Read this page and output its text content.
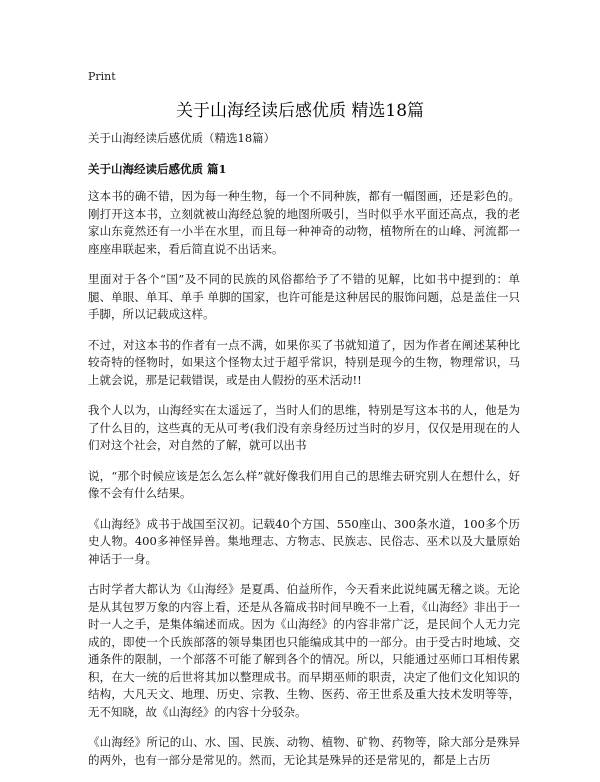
Print
关于山海经读后感优质 精选18篇

关于山海经读后感优质（精选18篇）

关于山海经读后感优质 篇1

这本书的确不错，因为每一种生物，每一个不同种族，都有一幅图画，还是彩色的。刚打开这本书，立刻就被山海经总貌的地图所吸引，当时似乎水平面还高点，我的老家山东竟然还有一小半在水里，而且每一种神奇的动物，植物所在的山峰、河流都一座座串联起来，看后简直说不出话来。

里面对于各个“国”及不同的民族的风俗都给予了不错的见解，比如书中提到的：单腿、单眼、单耳、单手 单脚的国家，也许可能是这种居民的服饰问题，总是盖住一只手脚，所以记载成这样。

不过，对这本书的作者有一点不满，如果你买了书就知道了，因为作者在阐述某种比较奇特的怪物时，如果这个怪物太过于超乎常识，特别是现今的生物，物理常识，马上就会说，那是记载错误，或是由人假扮的巫术活动!!

我个人以为，山海经实在太遥远了，当时人们的思维，特别是写这本书的人，他是为了什么目的，这些真的无从可考(我们没有亲身经历过当时的岁月，仅仅是用现在的人们对这个社会，对自然的了解，就可以出书

说，“那个时候应该是怎么怎么样”就好像我们用自己的思维去研究别人在想什么，好像不会有什么结果。

《山海经》成书于战国至汉初。记载40个方国、550座山、300条水道，100多个历史人物。400多神怪异兽。集地理志、方物志、民族志、民俗志、巫术以及大量原始神话于一身。

古时学者大都认为《山海经》是夏禹、伯益所作，今天看来此说纯属无稽之谈。无论是从其包罗万象的内容上看，还是从各篇成书时间早晚不一上看，《山海经》非出于一时一人之手，是集体编述而成。因为《山海经》的内容非常广泛，是民间个人无力完成的，即使一个氏族部落的领导集团也只能编成其中的一部分。由于受古时地域、交通条件的限制，一个部落不可能了解到各个的情况。所以，只能通过巫师口耳相传累积，在大一统的后世将其加以整理成书。而早期巫师的职责，决定了他们文化知识的结构，大凡天文、地理、历史、宗教、生物、医药、帝王世系及重大技术发明等等，无不知晓，故《山海经》的内容十分驳杂。

《山海经》所记的山、水、国、民族、动物、植物、矿物、药物等，除大部分是殊异的两外，也有一部分是常见的。然而，无论其是殊异的还是常见的，都是上古历
